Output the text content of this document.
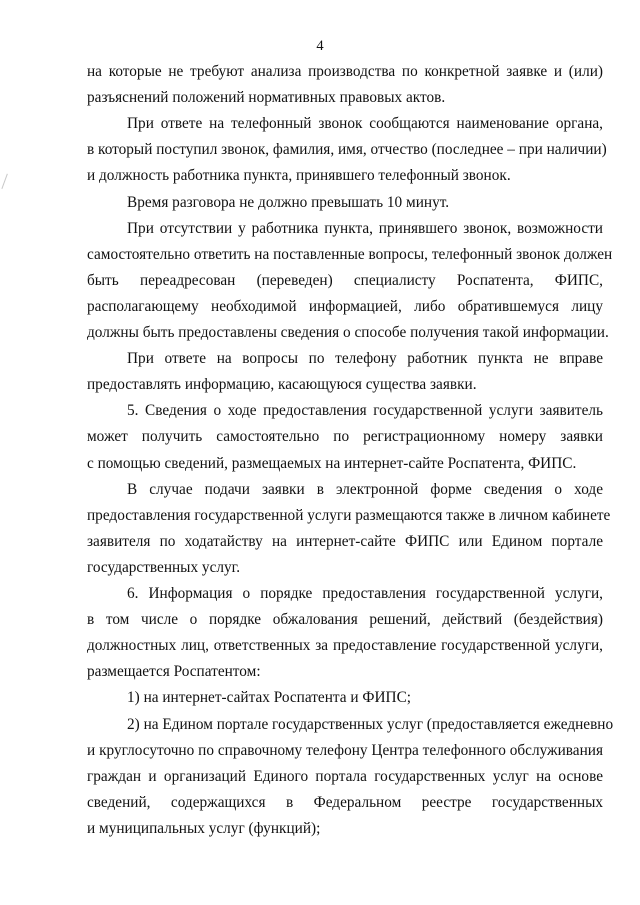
4
на которые не требуют анализа производства по конкретной заявке и (или)
разъяснений положений нормативных правовых актов.
При ответе на телефонный звонок сообщаются наименование органа,
в который поступил звонок, фамилия, имя, отчество (последнее – при наличии)
и должность работника пункта, принявшего телефонный звонок.
Время разговора не должно превышать 10 минут.
При отсутствии у работника пункта, принявшего звонок, возможности
самостоятельно ответить на поставленные вопросы, телефонный звонок должен
быть переадресован (переведен) специалисту Роспатента, ФИПС,
располагающему необходимой информацией, либо обратившемуся лицу
должны быть предоставлены сведения о способе получения такой информации.
При ответе на вопросы по телефону работник пункта не вправе
предоставлять информацию, касающуюся существа заявки.
5. Сведения о ходе предоставления государственной услуги заявитель
может получить самостоятельно по регистрационному номеру заявки
с помощью сведений, размещаемых на интернет-сайте Роспатента, ФИПС.
В случае подачи заявки в электронной форме сведения о ходе
предоставления государственной услуги размещаются также в личном кабинете
заявителя по ходатайству на интернет-сайте ФИПС или Едином портале
государственных услуг.
6. Информация о порядке предоставления государственной услуги,
в том числе о порядке обжалования решений, действий (бездействия)
должностных лиц, ответственных за предоставление государственной услуги,
размещается Роспатентом:
1) на интернет-сайтах Роспатента и ФИПС;
2) на Едином портале государственных услуг (предоставляется ежедневно
и круглосуточно по справочному телефону Центра телефонного обслуживания
граждан и организаций Единого портала государственных услуг на основе
сведений, содержащихся в Федеральном реестре государственных
и муниципальных услуг (функций);
